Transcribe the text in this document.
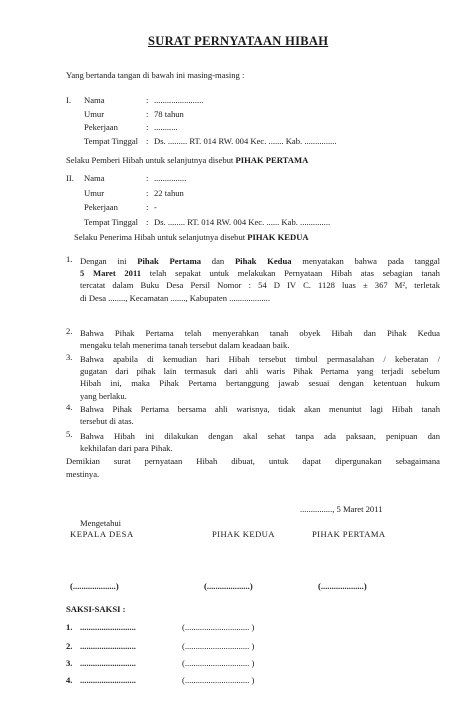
SURAT PERNYATAAN HIBAH
Yang bertanda tangan di bawah ini masing-masing :
I. Nama	: .......................
Umur	: 78 tahun
Pekerjaan	: ...........
Tempat Tinggal : Ds. ......... RT. 014 RW. 004 Kec. ....... Kab. ...............
Selaku Pemberi Hibah untuk selanjutnya disebut PIHAK PERTAMA
II. Nama	: ...............
Umur	: 22 tahun
Pekerjaan	: -
Tempat Tinggal : Ds. ........ RT. 014 RW. 004 Kec. ...... Kab. ..............
Selaku Penerima Hibah untuk selanjutnya disebut PIHAK KEDUA
1. Dengan ini Pihak Pertama dan Pihak Kedua menyatakan bahwa pada tanggal
5 Maret 2011 telah sepakat untuk melakukan Pernyataan Hibah atas sebagian tanah
tercatat dalam Buku Desa Persil Nomor : 54 D IV C. 1128 luas ± 367 M², terletak
di Desa ........, Kecamatan ......., Kabupaten ...................
2. Bahwa Pihak Pertama telah menyerahkan tanah obyek Hibah dan Pihak Kedua
mengaku telah menerima tanah tersebut dalam keadaan baik.
3. Bahwa apabila di kemudian hari Hibah tersebut timbul permasalahan / keberatan /
gugatan dari pihak lain termasuk dari ahli waris Pihak Pertama yang terjadi sebelum
Hibah ini, maka Pihak Pertama bertanggung jawab sesuai dengan ketentuan hukum
yang berlaku.
4. Bahwa Pihak Pertama bersama ahli warisnya, tidak akan menuntut lagi Hibah tanah
tersebut di atas.
5. Bahwa Hibah ini dilakukan dengan akal sehat tanpa ada paksaan, penipuan dan
kekhilafan dari para Pihak.
Demikian surat pernyataan Hibah dibuat, untuk dapat dipergunakan sebagaimana
mestinya.
..............., 5 Maret 2011
Mengetahui
KEPALA DESA	PIHAK KEDUA	PIHAK PERTAMA
(....................)	(....................)	(....................)
SAKSI-SAKSI :
1. ..........................	(.............................. )
2. ..........................	(.............................. )
3. ..........................	(.............................. )
4. ..........................	(.............................. )
